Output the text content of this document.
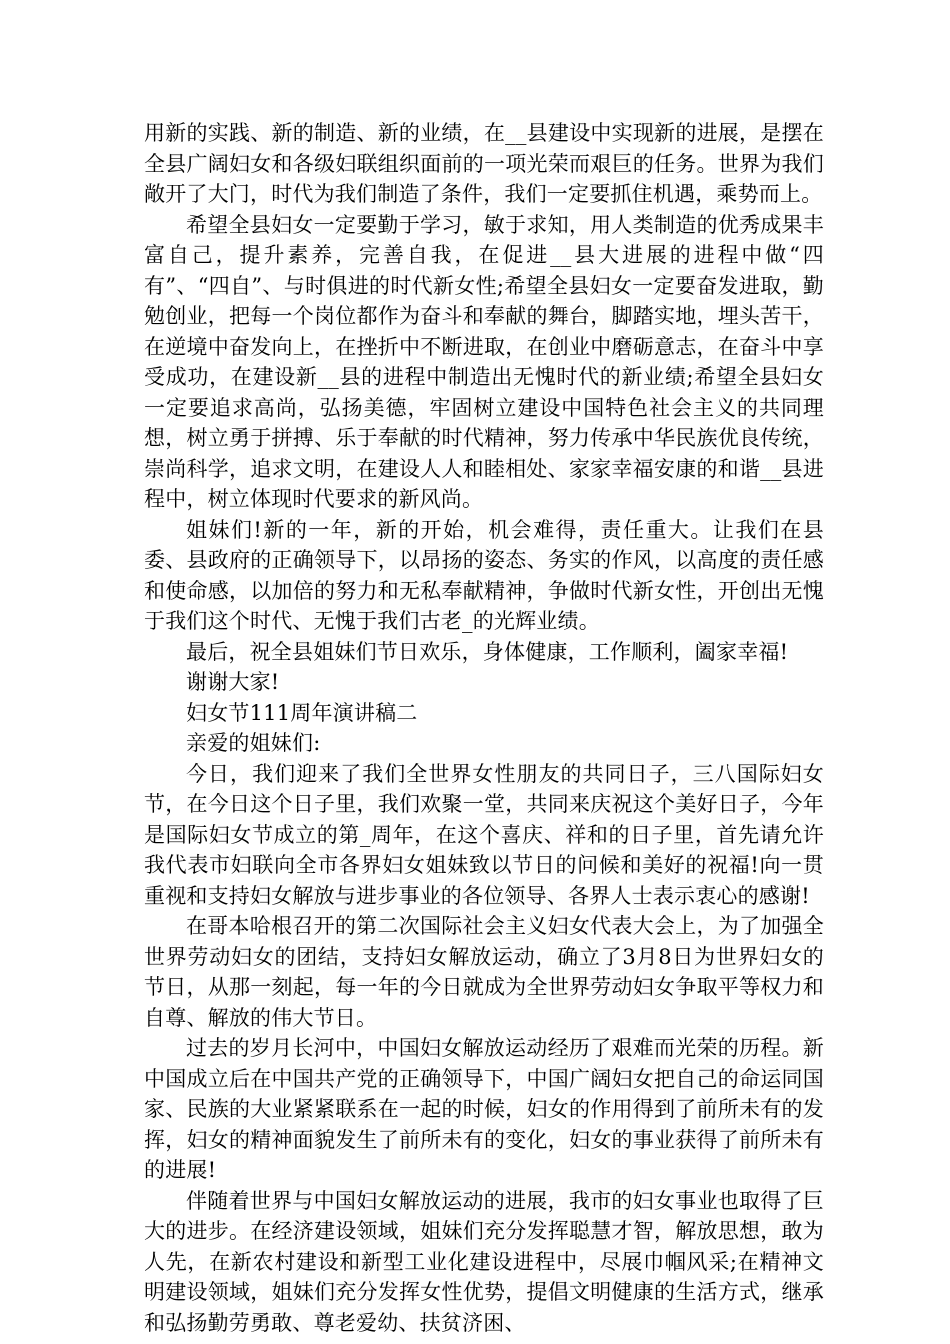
用新的实践、新的制造、新的业绩，在__县建设中实现新的进展，是摆在全县广阔妇女和各级妇联组织面前的一项光荣而艰巨的任务。世界为我们敞开了大门，时代为我们制造了条件，我们一定要抓住机遇，乘势而上。

希望全县妇女一定要勤于学习，敏于求知，用人类制造的优秀成果丰富自己，提升素养，完善自我，在促进__县大进展的进程中做“四有”、“四自”、与时俱进的时代新女性;希望全县妇女一定要奋发进取，勤勉创业，把每一个岗位都作为奋斗和奉献的舞台，脚踏实地，埋头苦干，在逆境中奋发向上，在挫折中不断进取，在创业中磨砺意志，在奋斗中享受成功，在建设新__县的进程中制造出无愧时代的新业绩;希望全县妇女一定要追求高尚，弘扬美德，牢固树立建设中国特色社会主义的共同理想，树立勇于拼搏、乐于奉献的时代精神，努力传承中华民族优良传统，崇尚科学，追求文明，在建设人人和睦相处、家家幸福安康的和谐__县进程中，树立体现时代要求的新风尚。

姐妹们!新的一年，新的开始，机会难得，责任重大。让我们在县委、县政府的正确领导下，以昂扬的姿态、务实的作风，以高度的责任感和使命感，以加倍的努力和无私奉献精神，争做时代新女性，开创出无愧于我们这个时代、无愧于我们古老_的光辉业绩。

最后，祝全县姐妹们节日欢乐，身体健康，工作顺利，阖家幸福!

谢谢大家!

妇女节111周年演讲稿二

亲爱的姐妹们:

今日，我们迎来了我们全世界女性朋友的共同日子，三八国际妇女节，在今日这个日子里，我们欢聚一堂，共同来庆祝这个美好日子，今年是国际妇女节成立的第_周年，在这个喜庆、祥和的日子里，首先请允许我代表市妇联向全市各界妇女姐妹致以节日的问候和美好的祝福!向一贯重视和支持妇女解放与进步事业的各位领导、各界人士表示衷心的感谢!

在哥本哈根召开的第二次国际社会主义妇女代表大会上，为了加强全世界劳动妇女的团结，支持妇女解放运动，确立了3月8日为世界妇女的节日，从那一刻起，每一年的今日就成为全世界劳动妇女争取平等权力和自尊、解放的伟大节日。

过去的岁月长河中，中国妇女解放运动经历了艰难而光荣的历程。新中国成立后在中国共产党的正确领导下，中国广阔妇女把自己的命运同国家、民族的大业紧紧联系在一起的时候，妇女的作用得到了前所未有的发挥，妇女的精神面貌发生了前所未有的变化，妇女的事业获得了前所未有的进展!

伴随着世界与中国妇女解放运动的进展，我市的妇女事业也取得了巨大的进步。在经济建设领域，姐妹们充分发挥聪慧才智，解放思想，敢为人先，在新农村建设和新型工业化建设进程中，尽展巾帼风采;在精神文明建设领域，姐妹们充分发挥女性优势，提倡文明健康的生活方式，继承和弘扬勤劳勇敢、尊老爱幼、扶贫济困、
